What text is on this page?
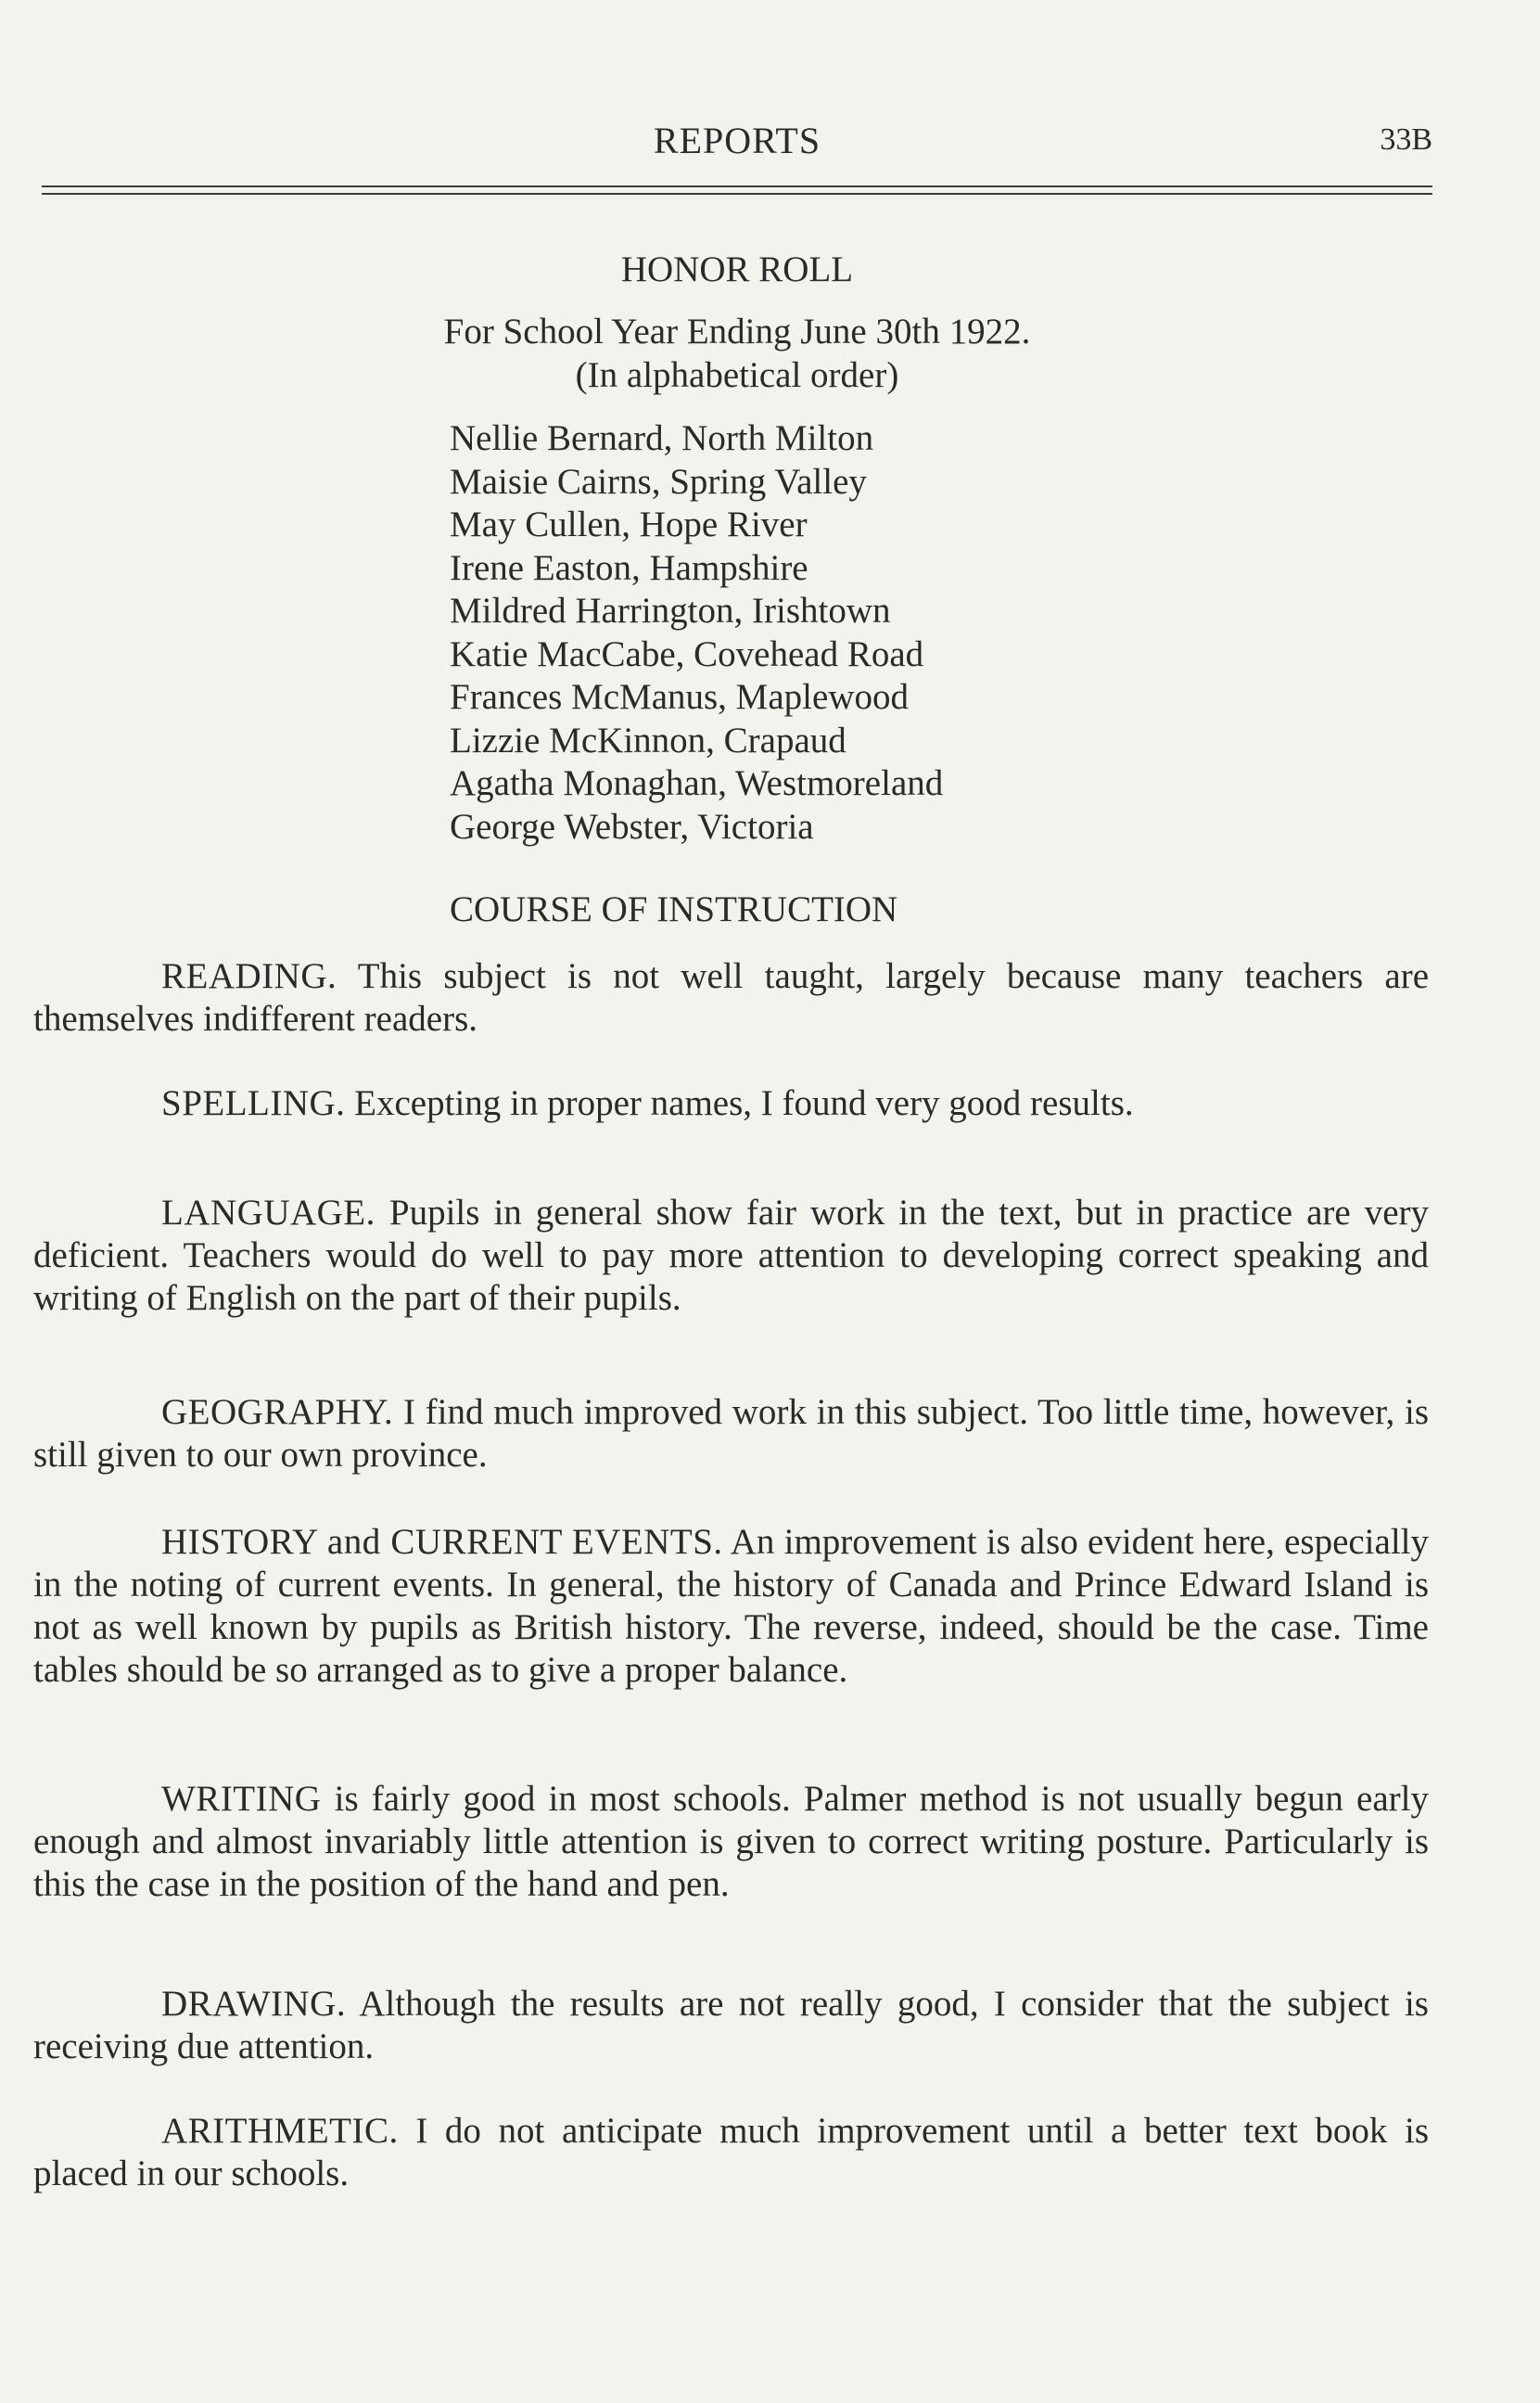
REPORTS	33B
HONOR ROLL
For School Year Ending June 30th 1922.
(In alphabetical order)
Nellie Bernard, North Milton
Maisie Cairns, Spring Valley
May Cullen, Hope River
Irene Easton, Hampshire
Mildred Harrington, Irishtown
Katie MacCabe, Covehead Road
Frances McManus, Maplewood
Lizzie McKinnon, Crapaud
Agatha Monaghan, Westmoreland
George Webster, Victoria
COURSE OF INSTRUCTION

READING. This subject is not well taught, largely because many teachers are themselves indifferent readers.

SPELLING. Excepting in proper names, I found very good results.

LANGUAGE. Pupils in general show fair work in the text, but in practice are very deficient. Teachers would do well to pay more attention to developing correct speaking and writing of English on the part of their pupils.

GEOGRAPHY. I find much improved work in this subject. Too little time, however, is still given to our own province.

HISTORY and CURRENT EVENTS. An improvement is also evident here, especially in the noting of current events. In general, the history of Canada and Prince Edward Island is not as well known by pupils as British history. The reverse, indeed, should be the case. Time tables should be so arranged as to give a proper balance.

WRITING is fairly good in most schools. Palmer method is not usually begun early enough and almost invariably little attention is given to correct writing posture. Particularly is this the case in the position of the hand and pen.

DRAWING. Although the results are not really good, I consider that the subject is receiving due attention.

ARITHMETIC. I do not anticipate much improvement until a better text book is placed in our schools.
